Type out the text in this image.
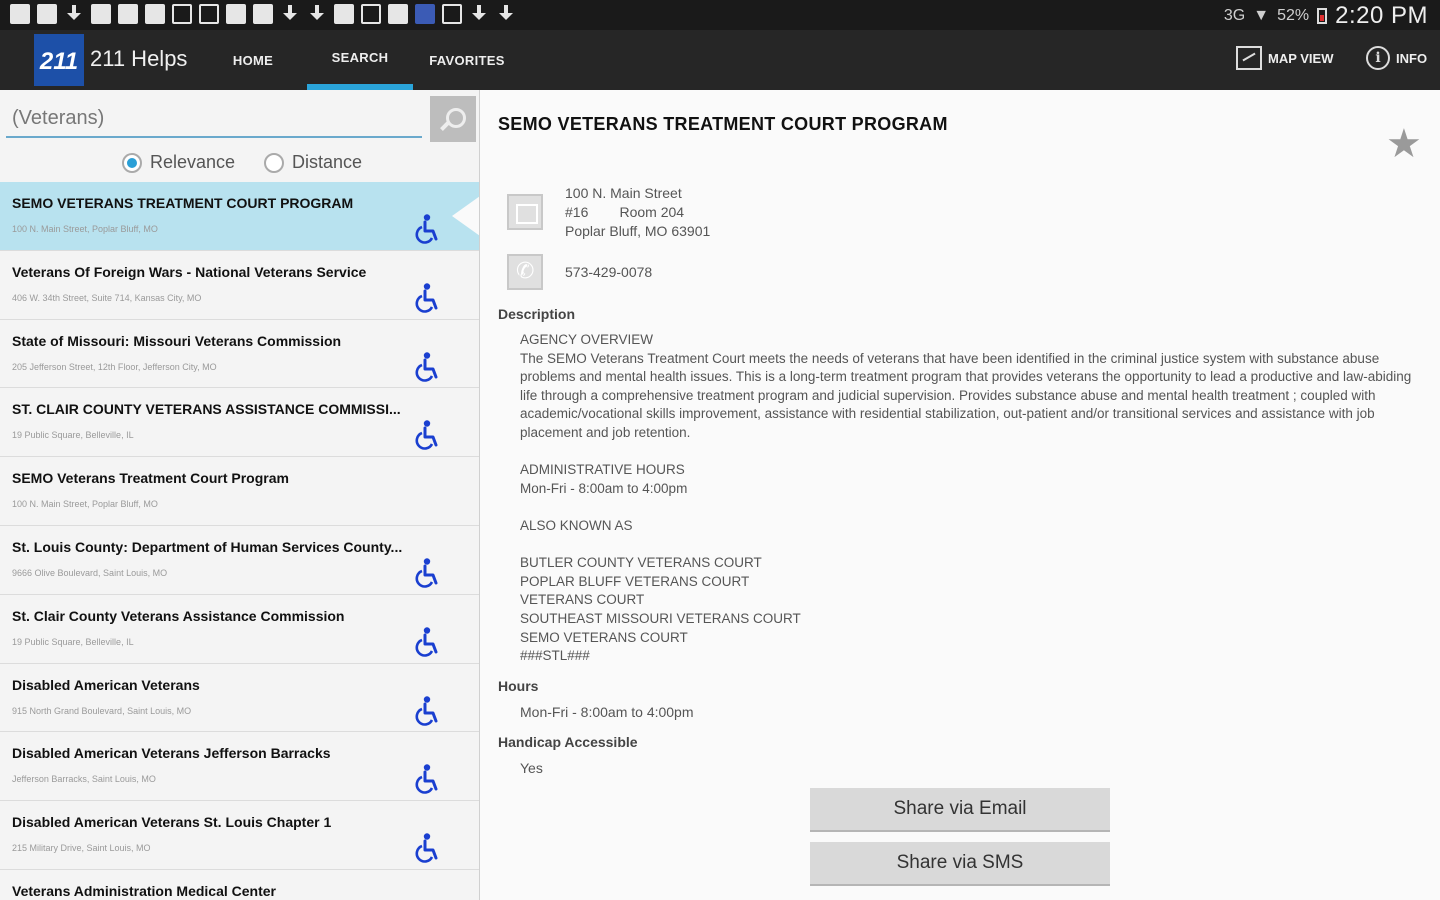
3G ▼ 52% 2:20 PM
211 211 Helps	HOME	SEARCH	FAVORITES	MAP VIEW	i	INFO
(Veterans)
Relevance	Distance
SEMO VETERANS TREATMENT COURT PROGRAM
100 N. Main Street, Poplar Bluff, MO
Veterans Of Foreign Wars - National Veterans Service
406 W. 34th Street, Suite 714, Kansas City, MO
State of Missouri: Missouri Veterans Commission
205 Jefferson Street, 12th Floor, Jefferson City, MO
ST. CLAIR COUNTY VETERANS ASSISTANCE COMMISSI...
19 Public Square, Belleville, IL
SEMO Veterans Treatment Court Program
100 N. Main Street, Poplar Bluff, MO
St. Louis County: Department of Human Services County...
9666 Olive Boulevard, Saint Louis, MO
St. Clair County Veterans Assistance Commission
19 Public Square, Belleville, IL
Disabled American Veterans
915 North Grand Boulevard, Saint Louis, MO
Disabled American Veterans Jefferson Barracks
Jefferson Barracks, Saint Louis, MO
Disabled American Veterans St. Louis Chapter 1
215 Military Drive, Saint Louis, MO
Veterans Administration Medical Center
SEMO VETERANS TREATMENT COURT PROGRAM	★
100 N. Main Street
#16        Room 204
Poplar Bluff, MO 63901
✆
573-429-0078
Description
AGENCY OVERVIEW

The SEMO Veterans Treatment Court meets the needs of veterans that have been identified in the criminal justice system with substance abuse problems and mental health issues. This is a long-term treatment program that provides veterans the opportunity to lead a productive and law-abiding life through a comprehensive treatment program and judicial supervision. Provides substance abuse and mental health treatment ; coupled with academic/vocational skills improvement, assistance with residential stabilization, out-patient and/or transitional services and assistance with job placement and job retention.

ADMINISTRATIVE HOURS

Mon-Fri - 8:00am to 4:00pm

ALSO KNOWN AS

BUTLER COUNTY VETERANS COURT
POPLAR BLUFF VETERANS COURT
VETERANS COURT
SOUTHEAST MISSOURI VETERANS COURT
SEMO VETERANS COURT
###STL###
Hours
Mon-Fri - 8:00am to 4:00pm
Handicap Accessible
Yes
Share via Email
Share via SMS
